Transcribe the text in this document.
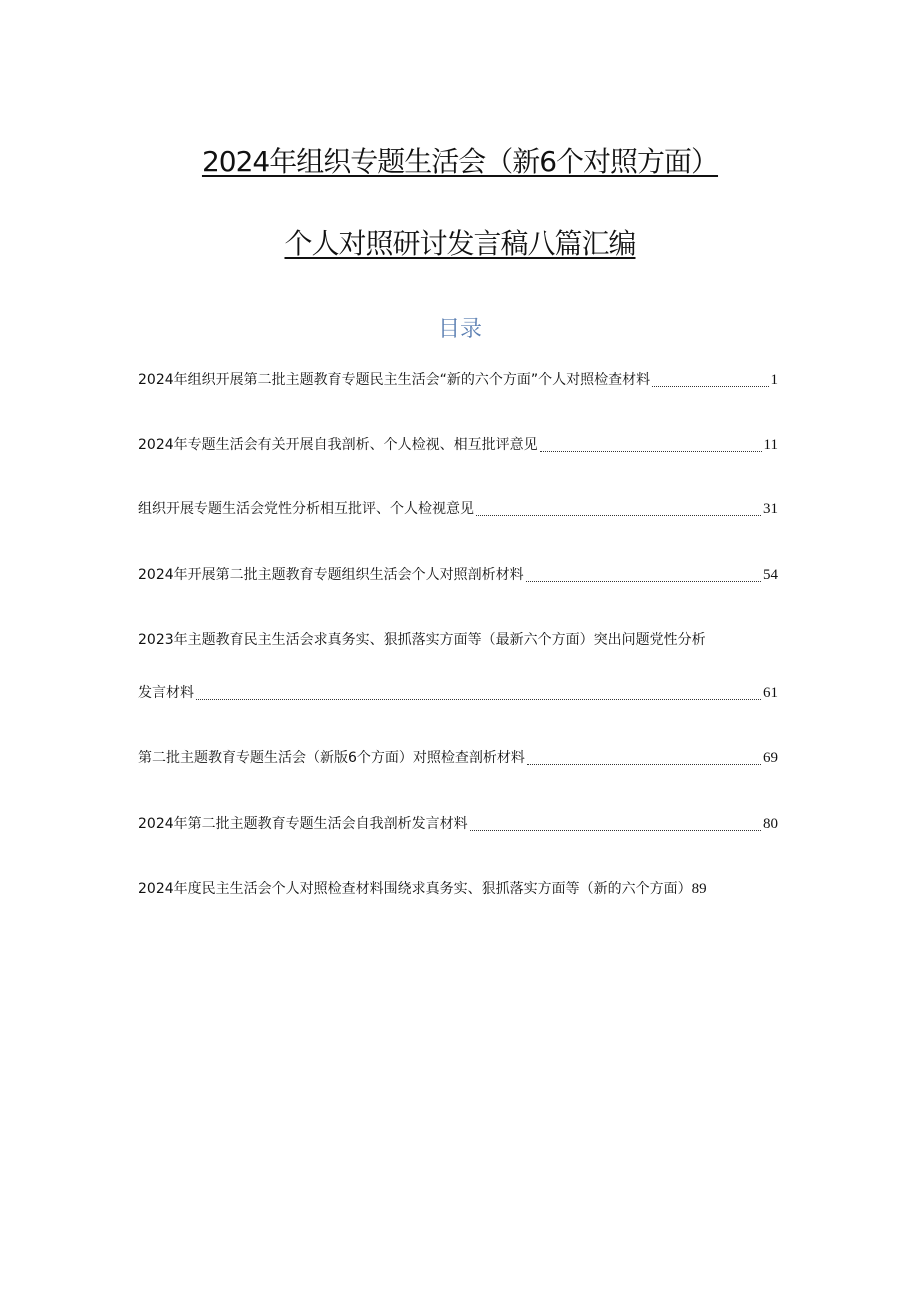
2024年组织专题生活会（新6个对照方面）
个人对照研讨发言稿八篇汇编
目录
2024年组织开展第二批主题教育专题民主生活会“新的六个方面”个人对照检查材料	1
2024年专题生活会有关开展自我剖析、个人检视、相互批评意见	11
组织开展专题生活会党性分析相互批评、个人检视意见	31
2024年开展第二批主题教育专题组织生活会个人对照剖析材料	54
2023年主题教育民主生活会求真务实、狠抓落实方面等（最新六个方面）突出问题党性分析
发言材料	61
第二批主题教育专题生活会（新版6个方面）对照检查剖析材料	69
2024年第二批主题教育专题生活会自我剖析发言材料	80
2024年度民主生活会个人对照检查材料围绕求真务实、狠抓落实方面等（新的六个方面） 89
